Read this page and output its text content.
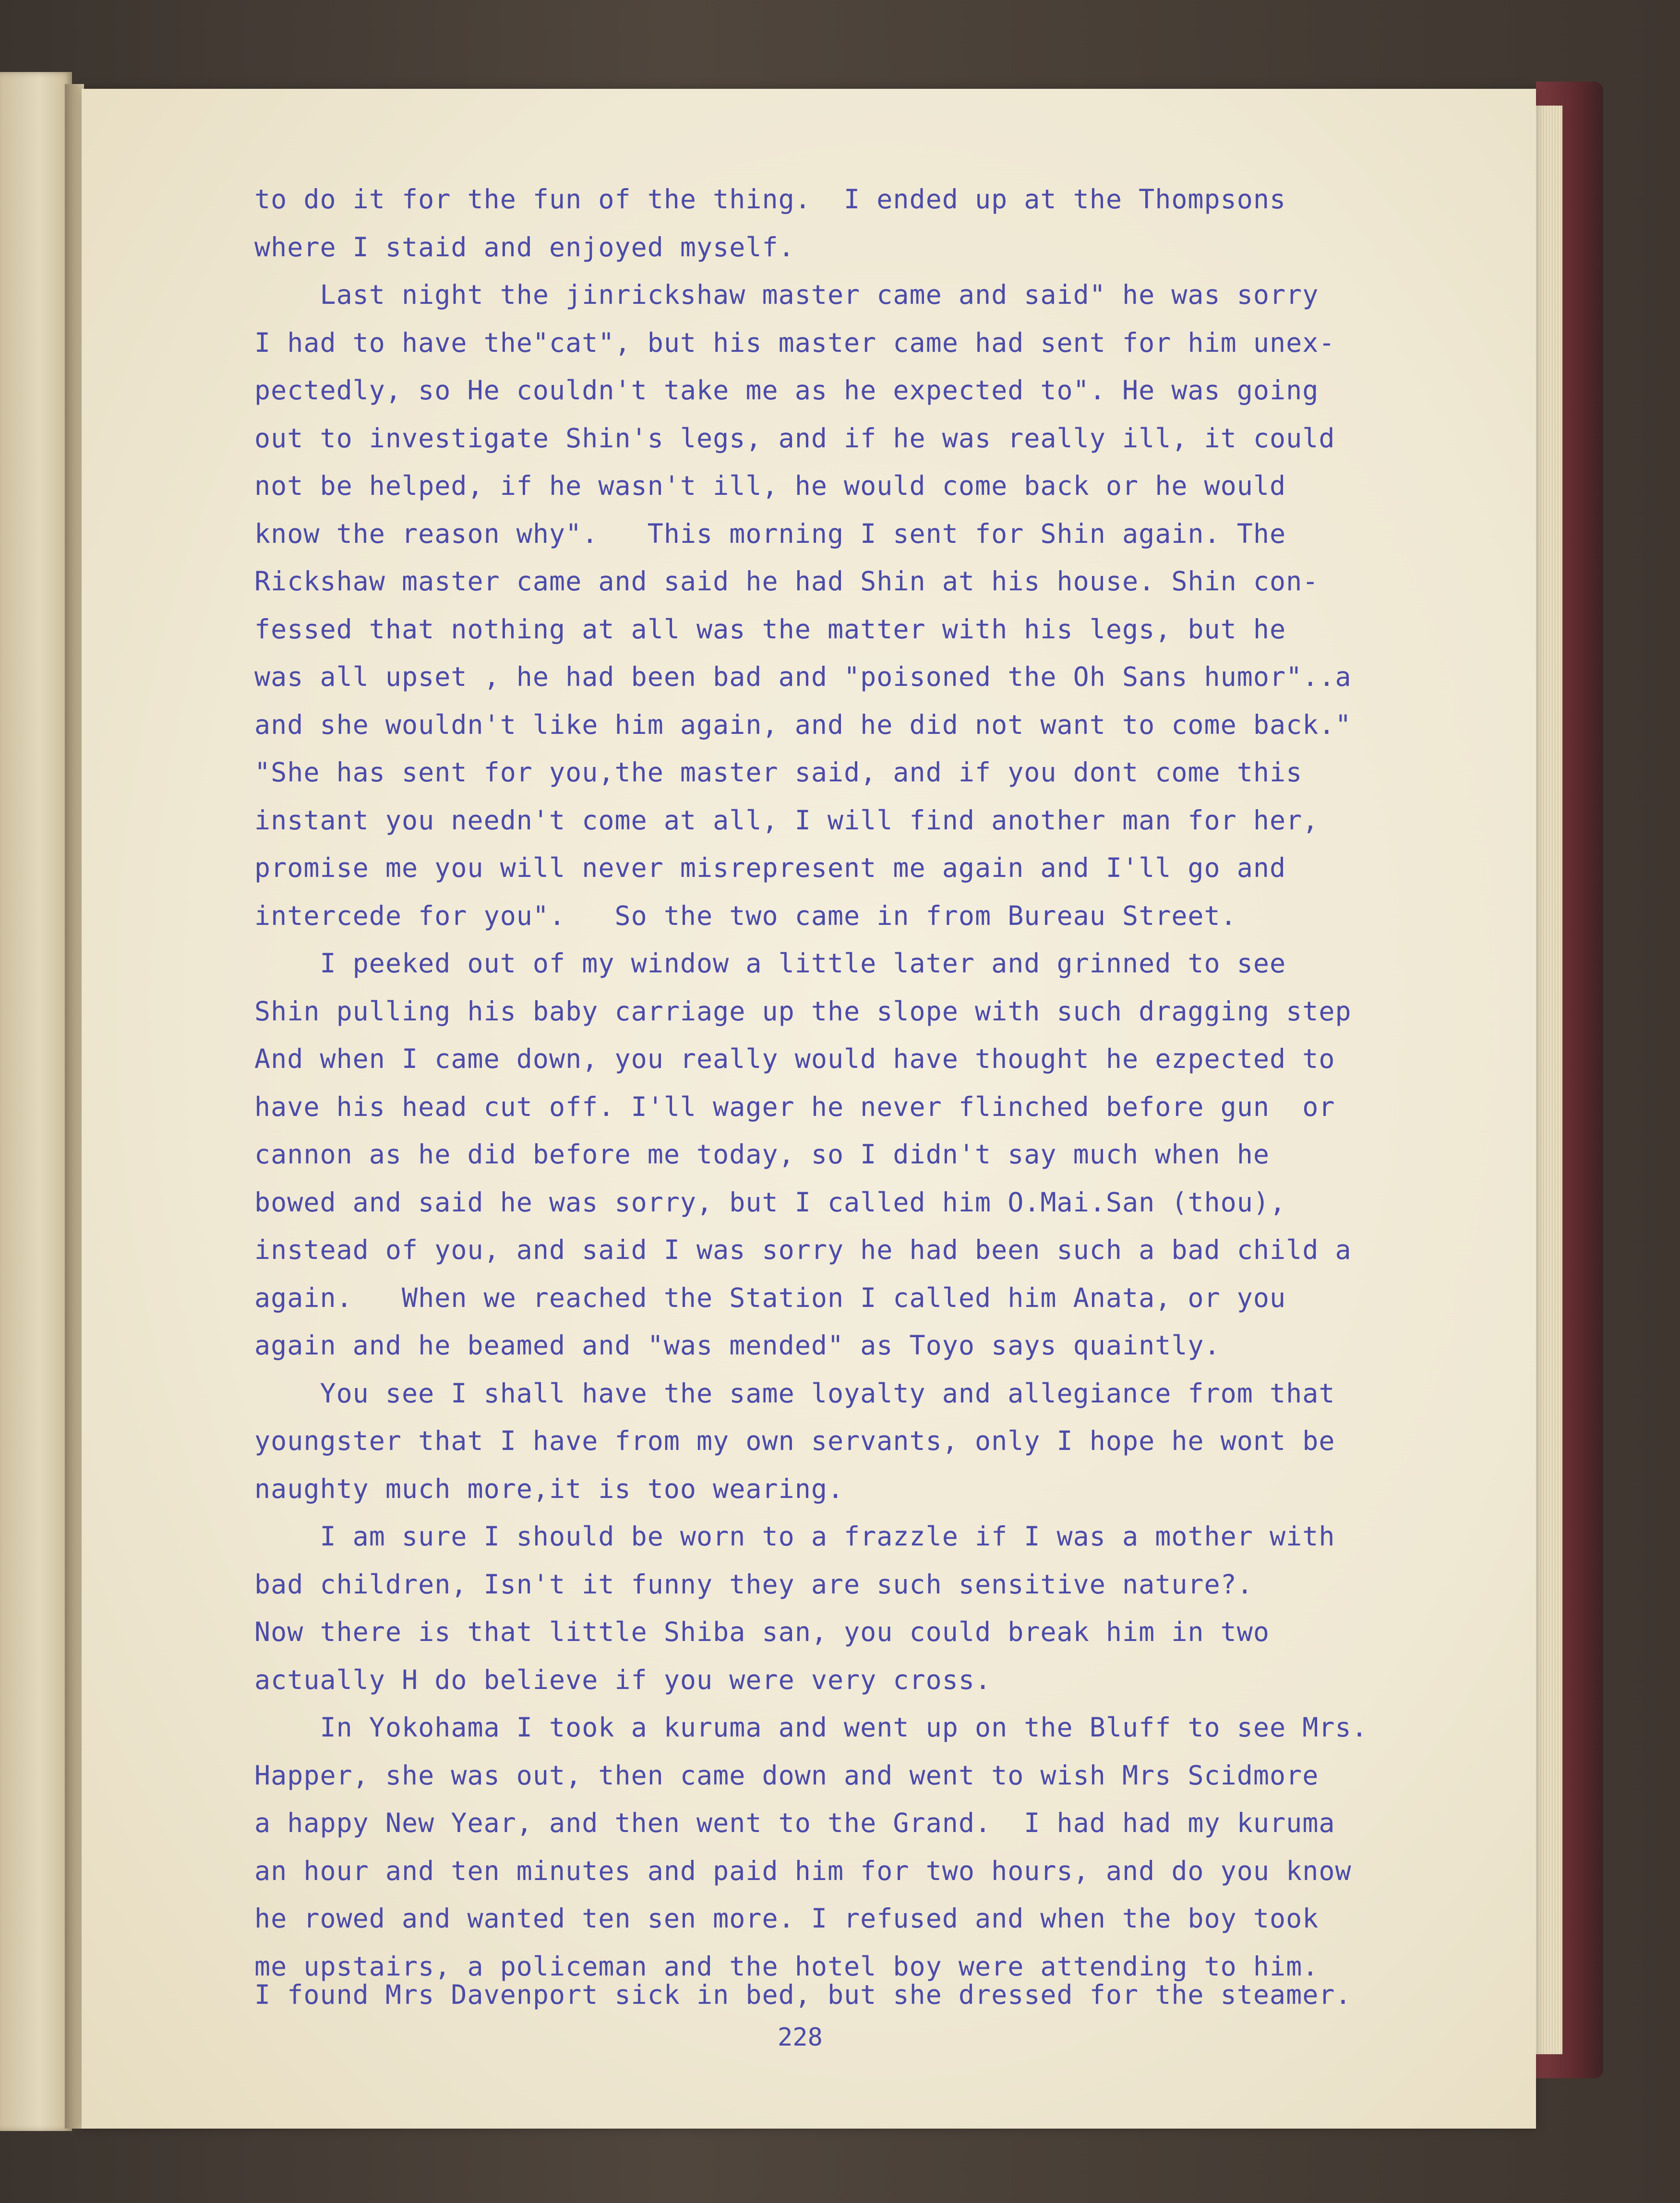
to do it for the fun of the thing.  I ended up at the Thompsons

where I staid and enjoyed myself.

Last night the jinrickshaw master came and said" he was sorry

I had to have the"cat", but his master came had sent for him unex-

pectedly, so He couldn't take me as he expected to". He was going

out to investigate Shin's legs, and if he was really ill, it could

not be helped, if he wasn't ill, he would come back or he would

know the reason why".   This morning I sent for Shin again. The

Rickshaw master came and said he had Shin at his house. Shin con-

fessed that nothing at all was the matter with his legs, but he

was all upset , he had been bad and "poisoned the Oh Sans humor"..a

and she wouldn't like him again, and he did not want to come back."

"She has sent for you,the master said, and if you dont come this

instant you needn't come at all, I will find another man for her,

promise me you will never misrepresent me again and I'll go and

intercede for you".   So the two came in from Bureau Street.

I peeked out of my window a little later and grinned to see

Shin pulling his baby carriage up the slope with such dragging step

And when I came down, you really would have thought he ezpected to

have his head cut off. I'll wager he never flinched before gun  or

cannon as he did before me today, so I didn't say much when he

bowed and said he was sorry, but I called him O.Mai.San (thou),

instead of you, and said I was sorry he had been such a bad child a

again.   When we reached the Station I called him Anata, or you

again and he beamed and "was mended" as Toyo says quaintly.

You see I shall have the same loyalty and allegiance from that

youngster that I have from my own servants, only I hope he wont be

naughty much more,it is too wearing.

I am sure I should be worn to a frazzle if I was a mother with

bad children, Isn't it funny they are such sensitive nature?.

Now there is that little Shiba san, you could break him in two

actually H do believe if you were very cross.

In Yokohama I took a kuruma and went up on the Bluff to see Mrs.

Happer, she was out, then came down and went to wish Mrs Scidmore

a happy New Year, and then went to the Grand.  I had had my kuruma

an hour and ten minutes and paid him for two hours, and do you know

he rowed and wanted ten sen more. I refused and when the boy took

me upstairs, a policeman and the hotel boy were attending to him.

I found Mrs Davenport sick in bed, but she dressed for the steamer.

228
